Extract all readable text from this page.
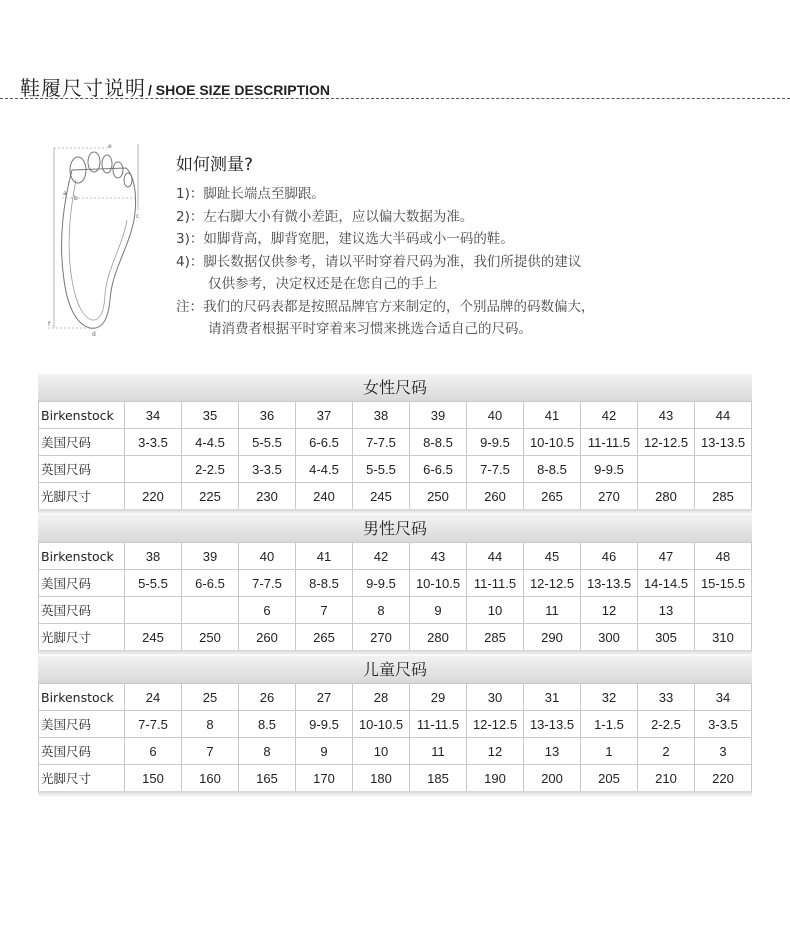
鞋履尺寸说明 / SHOE SIZE DESCRIPTION
a
b
c
d
e
f
如何测量?
1)：脚趾长端点至脚跟。
2)：左右脚大小有微小差距，应以偏大数据为准。
3)：如脚背高，脚背宽肥，建议选大半码或小一码的鞋。
4)：脚长数据仅供参考，请以平时穿着尺码为准，我们所提供的建议
仅供参考，决定权还是在您自己的手上
注：我们的尺码表都是按照品牌官方来制定的，个别品牌的码数偏大，
请消费者根据平时穿着来习惯来挑选合适自己的尺码。
女性尺码
Birkenstock	34	35	36	37	38	39	40	41	42	43	44
美国尺码	3-3.5	4-4.5	5-5.5	6-6.5	7-7.5	8-8.5	9-9.5	10-10.5	11-11.5	12-12.5	13-13.5
英国尺码		2-2.5	3-3.5	4-4.5	5-5.5	6-6.5	7-7.5	8-8.5	9-9.5		
光脚尺寸	220	225	230	240	245	250	260	265	270	280	285
男性尺码
Birkenstock	38	39	40	41	42	43	44	45	46	47	48
美国尺码	5-5.5	6-6.5	7-7.5	8-8.5	9-9.5	10-10.5	11-11.5	12-12.5	13-13.5	14-14.5	15-15.5
英国尺码			6	7	8	9	10	11	12	13	
光脚尺寸	245	250	260	265	270	280	285	290	300	305	310
儿童尺码
Birkenstock	24	25	26	27	28	29	30	31	32	33	34
美国尺码	7-7.5	8	8.5	9-9.5	10-10.5	11-11.5	12-12.5	13-13.5	1-1.5	2-2.5	3-3.5
英国尺码	6	7	8	9	10	11	12	13	1	2	3
光脚尺寸	150	160	165	170	180	185	190	200	205	210	220
